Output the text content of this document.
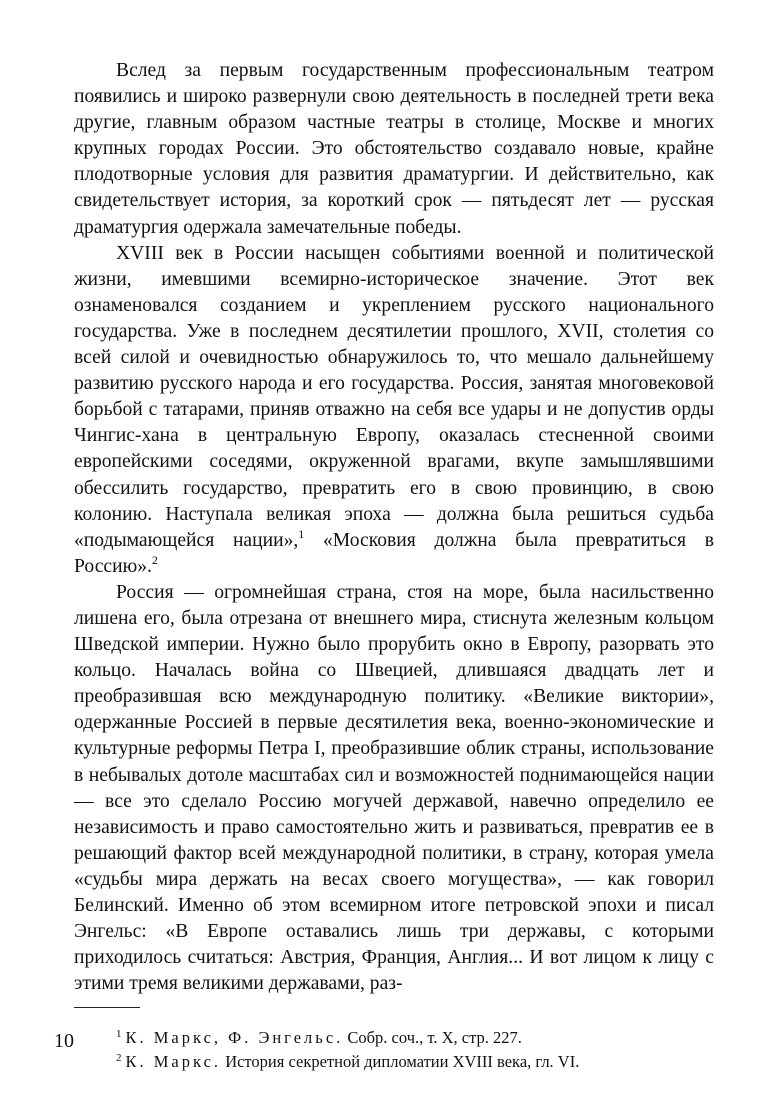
Вслед за первым государственным профессиональным театром появились и широко развернули свою деятельность в последней трети века другие, главным образом частные театры в столице, Москве и многих крупных городах России. Это обстоятельство создавало новые, крайне плодотворные условия для развития драматургии. И действительно, как свидетельствует история, за короткий срок — пятьдесят лет — русская драматургия одержала замечательные победы.

XVIII век в России насыщен событиями военной и политической жизни, имевшими всемирно-историческое значение. Этот век ознаменовался созданием и укреплением русского национального государства. Уже в последнем десятилетии прошлого, XVII, столетия со всей силой и очевидностью обнаружилось то, что мешало дальнейшему развитию русского народа и его государства. Россия, занятая многовековой борьбой с татарами, приняв отважно на себя все удары и не допустив орды Чингис-хана в центральную Европу, оказалась стесненной своими европейскими соседями, окруженной врагами, вкупе замышлявшими обессилить государство, превратить его в свою провинцию, в свою колонию. Наступала великая эпоха — должна была решиться судьба «подымающейся нации»,$^1$ «Московия должна была превратиться в Россию».$^2$

Россия — огромнейшая страна, стоя на море, была насильственно лишена его, была отрезана от внешнего мира, стиснута железным кольцом Шведской империи. Нужно было прорубить окно в Европу, разорвать это кольцо. Началась война со Швецией, длившаяся двадцать лет и преобразившая всю международную политику. «Великие виктории», одержанные Россией в первые десятилетия века, военно-экономические и культурные реформы Петра I, преобразившие облик страны, использование в небывалых дотоле масштабах сил и возможностей поднимающейся нации — все это сделало Россию могучей державой, навечно определило ее независимость и право самостоятельно жить и развиваться, превратив ее в решающий фактор всей международной политики, в страну, которая умела «судьбы мира держать на весах своего могущества», — как говорил Белинский. Именно об этом всемирном итоге петровской эпохи и писал Энгельс: «В Европе оставались лишь три державы, с которыми приходилось считаться: Австрия, Франция, Англия... И вот лицом к лицу с этими тремя великими державами, раз-

$^1$ К. Маркс, Ф. Энгельс. Собр. соч., т. X, стр. 227.
$^2$ К. Маркс. История секретной дипломатии XVIII века, гл. VI.
10
